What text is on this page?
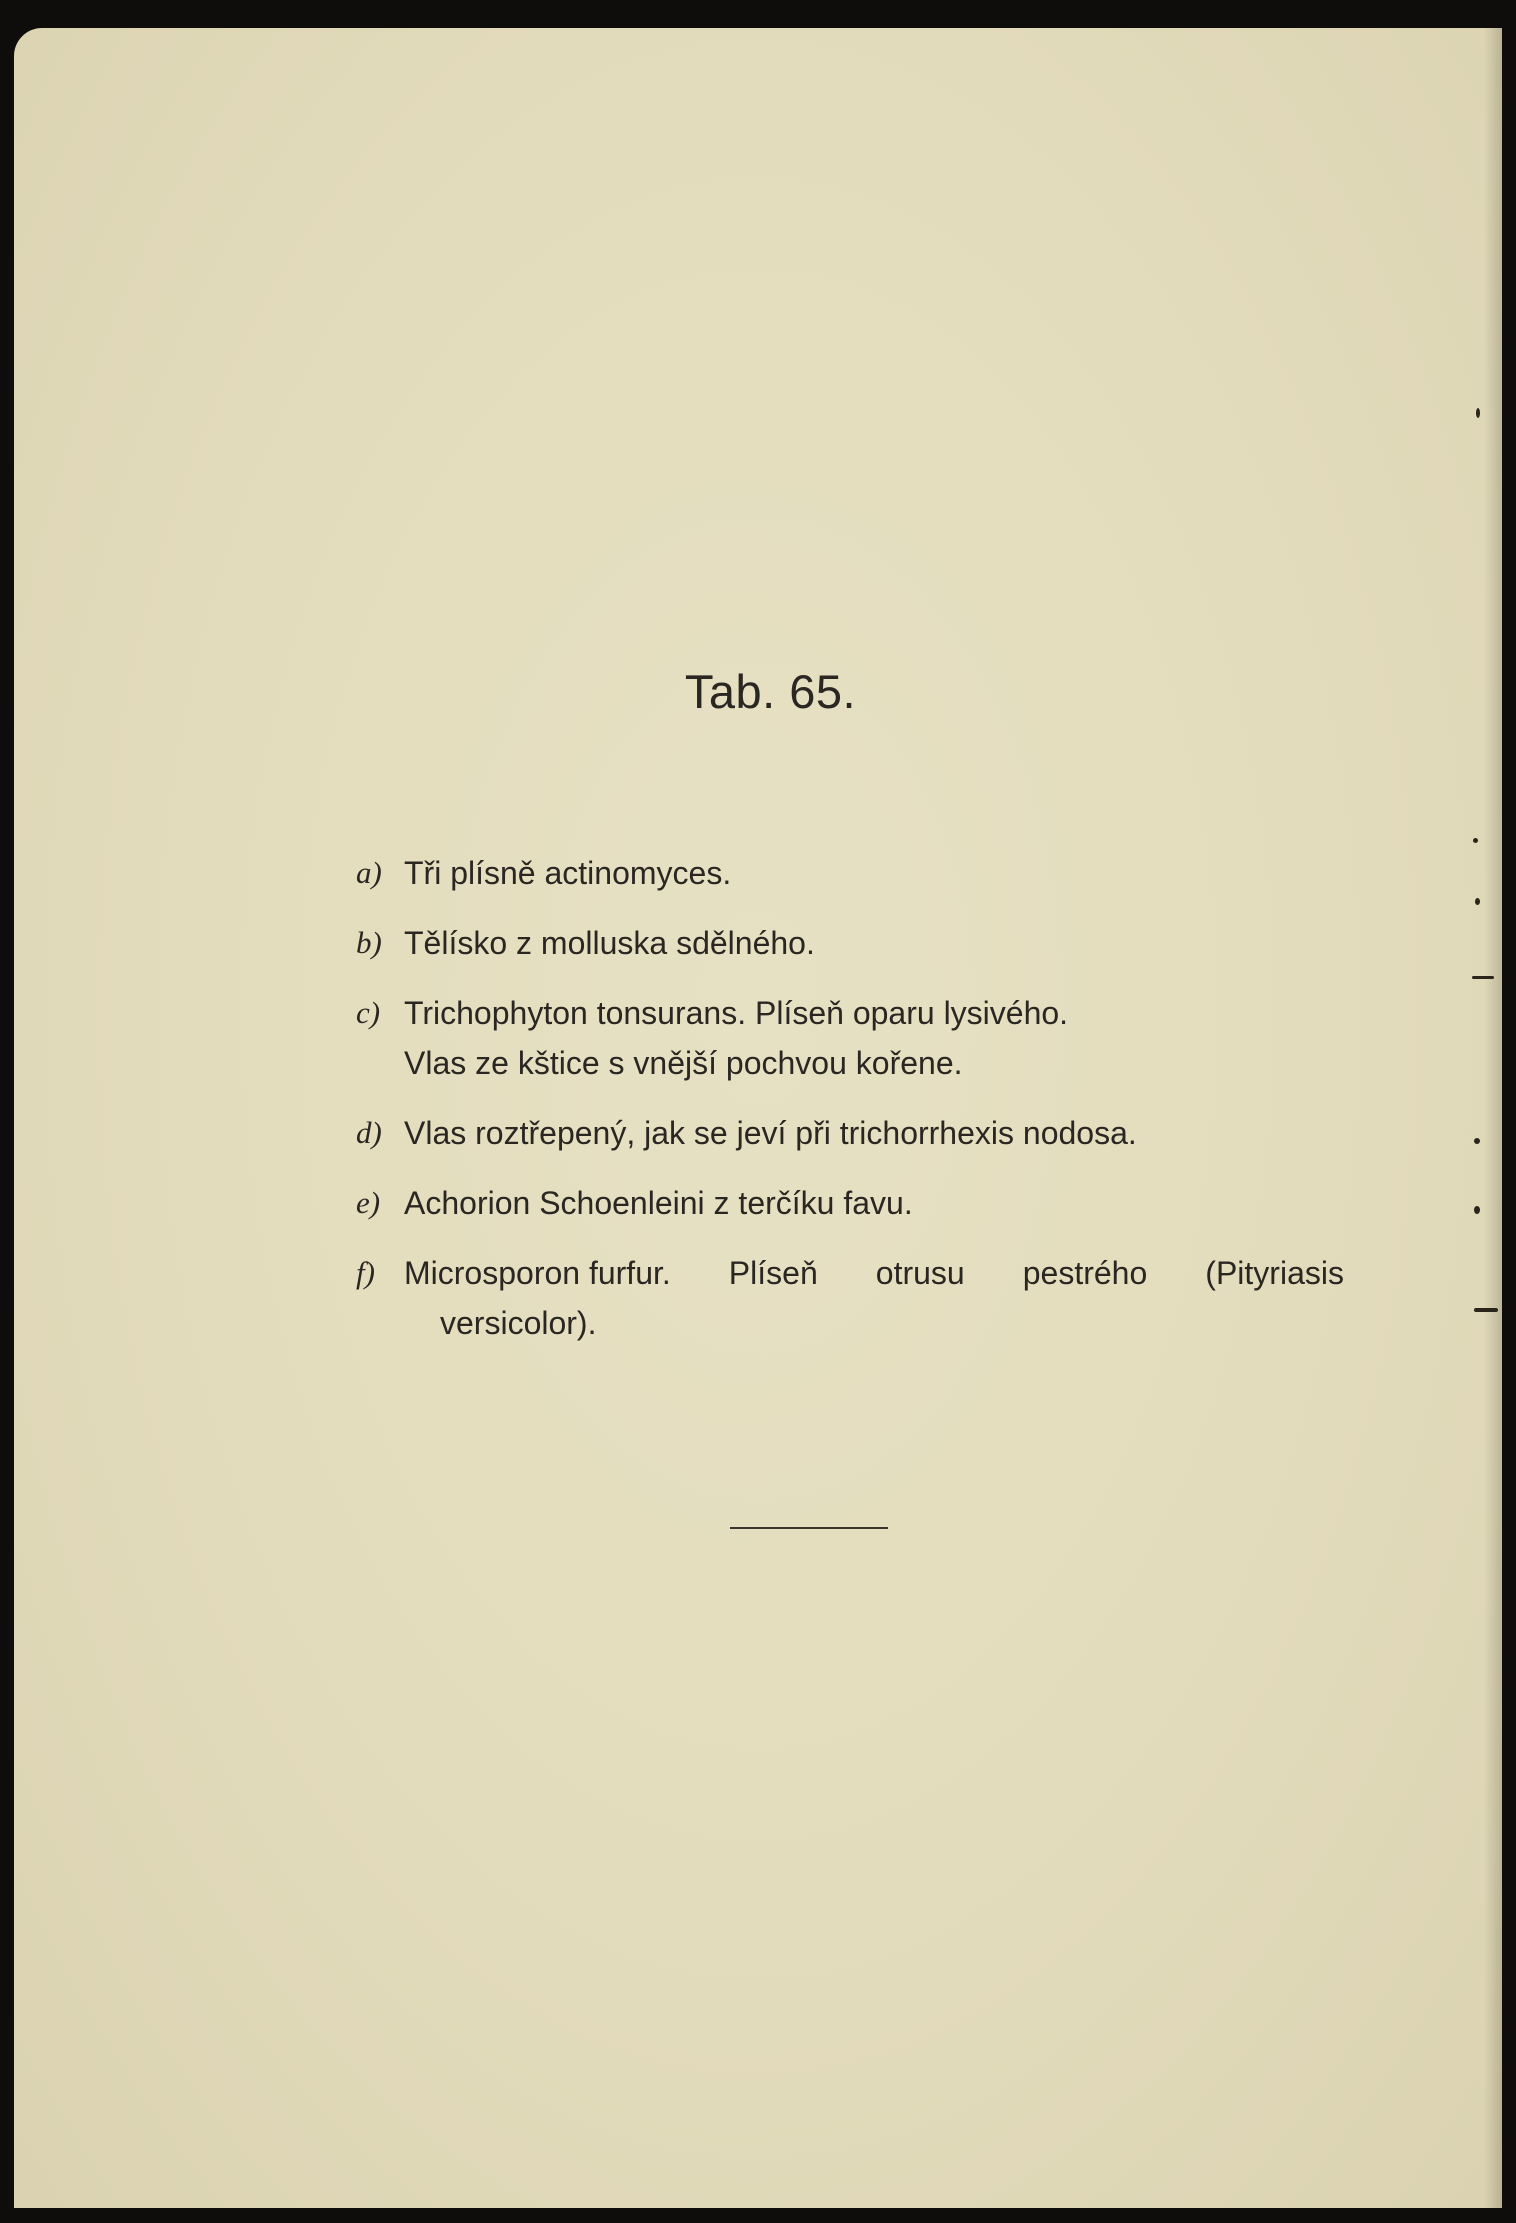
Tab. 65.
a) Tři plísně actinomyces.
b) Tělísko z molluska sdělného.
c) Trichophyton tonsurans. Plíseň oparu lysivého.
Vlas ze kštice s vnější pochvou kořene.
d) Vlas roztřepený, jak se jeví při trichorrhexis nodosa.
e) Achorion Schoenleini z terčíku favu.
f) Microsporon furfur. Plíseň otrusu pestrého (Pityriasis
versicolor).
